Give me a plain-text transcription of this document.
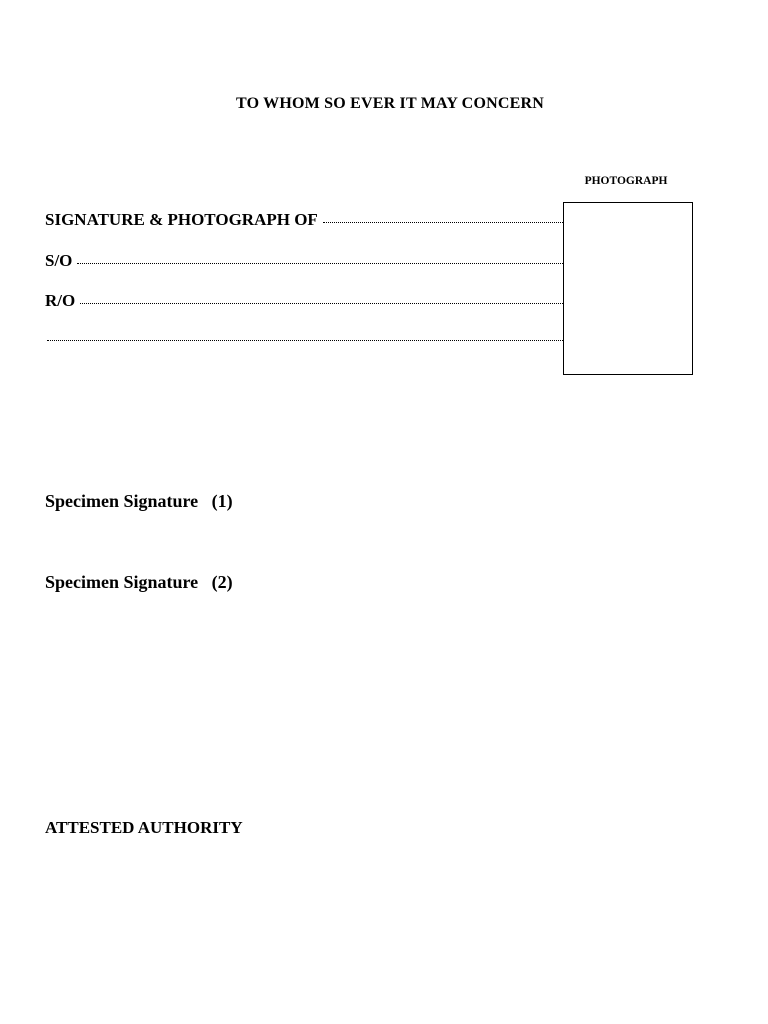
TO WHOM SO EVER IT MAY CONCERN
PHOTOGRAPH
SIGNATURE & PHOTOGRAPH OF
S/O
R/O
Specimen Signature   (1)
Specimen Signature   (2)
ATTESTED AUTHORITY
